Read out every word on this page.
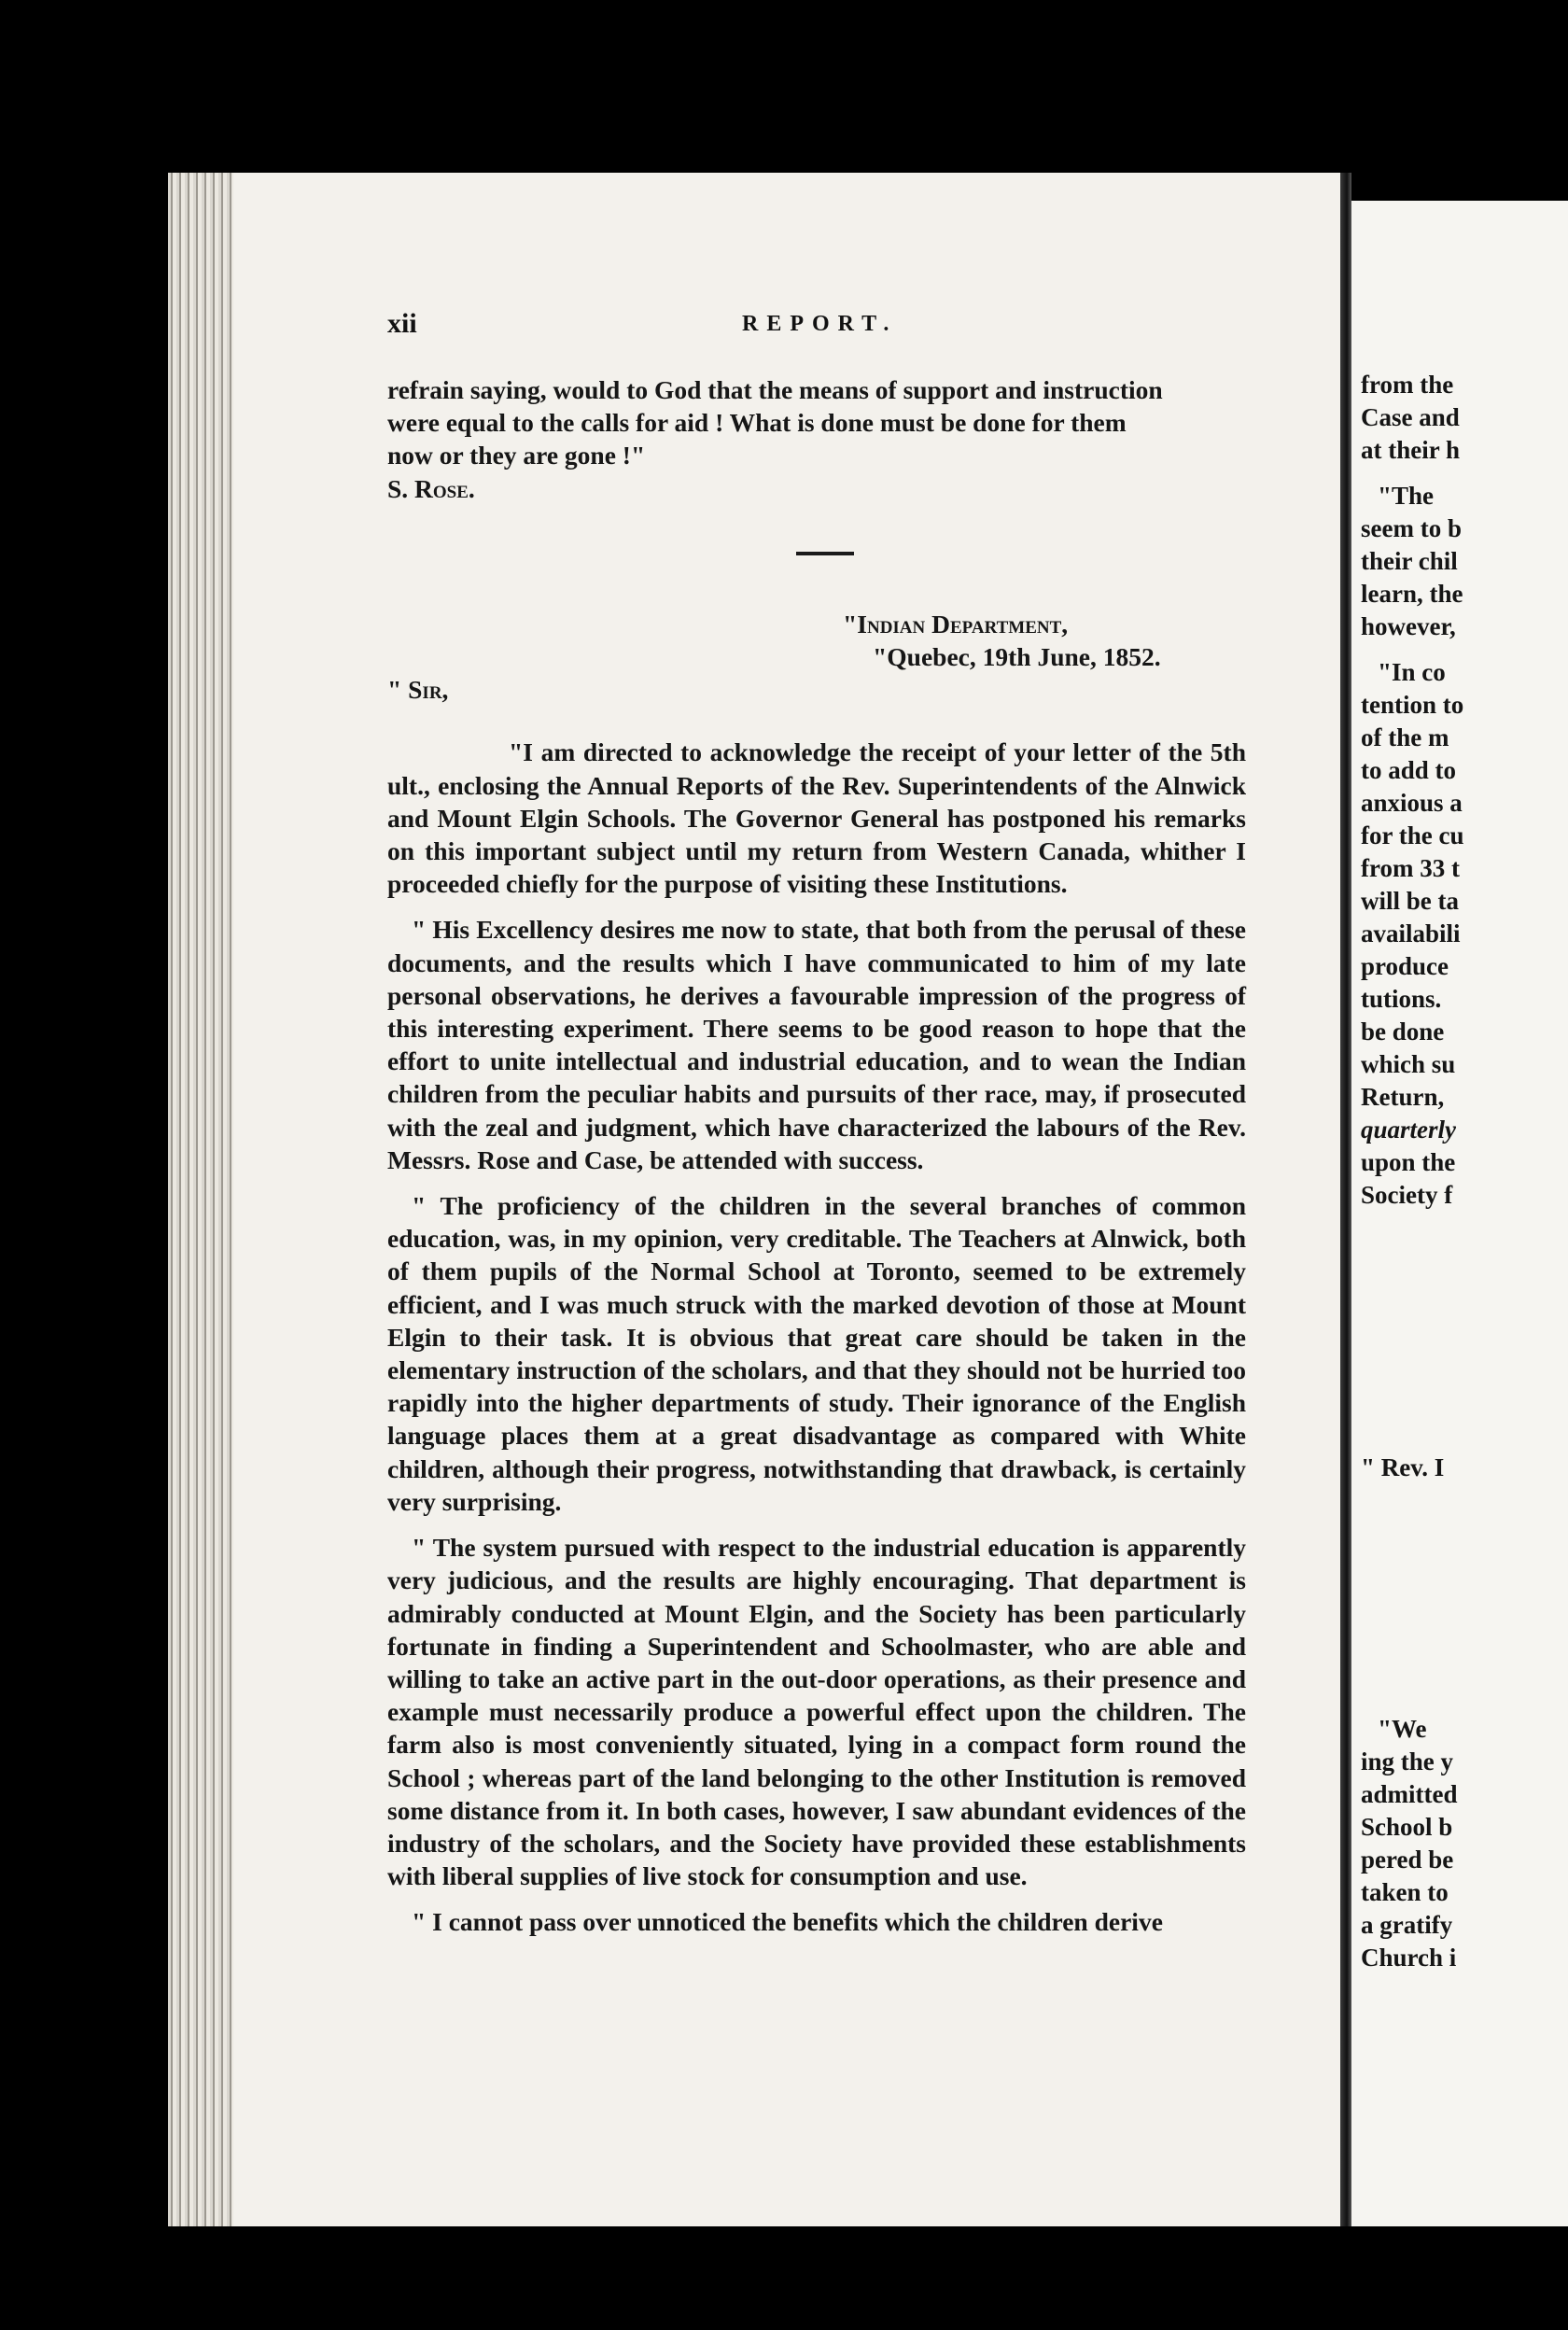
xii	REPORT.

refrain saying, would to God that the means of support and instruction

were equal to the calls for aid ! What is done must be done for them

now or they are gone !"

S. Rose.

"Indian Department,
"Quebec, 19th June, 1852.

" Sir,

"I am directed to acknowledge the receipt of your letter of the 5th ult., enclosing the Annual Reports of the Rev. Superintendents of the Alnwick and Mount Elgin Schools. The Governor General has postponed his remarks on this important subject until my return from Western Canada, whither I proceeded chiefly for the purpose of visiting these Institutions.

" His Excellency desires me now to state, that both from the perusal of these documents, and the results which I have communicated to him of my late personal observations, he derives a favourable impression of the progress of this interesting experiment. There seems to be good reason to hope that the effort to unite intellectual and industrial education, and to wean the Indian children from the peculiar habits and pursuits of ther race, may, if prosecuted with the zeal and judgment, which have characterized the labours of the Rev. Messrs. Rose and Case, be attended with success.

" The proficiency of the children in the several branches of common education, was, in my opinion, very creditable. The Teachers at Alnwick, both of them pupils of the Normal School at Toronto, seemed to be extremely efficient, and I was much struck with the marked devotion of those at Mount Elgin to their task. It is obvious that great care should be taken in the elementary instruction of the scholars, and that they should not be hurried too rapidly into the higher departments of study. Their ignorance of the English language places them at a great disadvantage as compared with White children, although their progress, notwithstanding that drawback, is certainly very surprising.

" The system pursued with respect to the industrial education is apparently very judicious, and the results are highly encouraging. That department is admirably conducted at Mount Elgin, and the Society has been particularly fortunate in finding a Superintendent and Schoolmaster, who are able and willing to take an active part in the out-door operations, as their presence and example must necessarily produce a powerful effect upon the children. The farm also is most conveniently situated, lying in a compact form round the School ; whereas part of the land belonging to the other Institution is removed some distance from it. In both cases, however, I saw abundant evidences of the industry of the scholars, and the Society have provided these establishments with liberal supplies of live stock for consumption and use.

" I cannot pass over unnoticed the benefits which the children derive

from the
Case and
at their h
"The
seem to b
their chil
learn, the
however,
"In co
tention to
of the m
to add to
anxious a
for the cu
from 33 t
will be ta
availabili
produce
tutions.
be done
which su
Return,
quarterly
upon the
Society f
" Rev. I
"We
ing the y
admitted
School b
pered be
taken to
a gratify
Church i
